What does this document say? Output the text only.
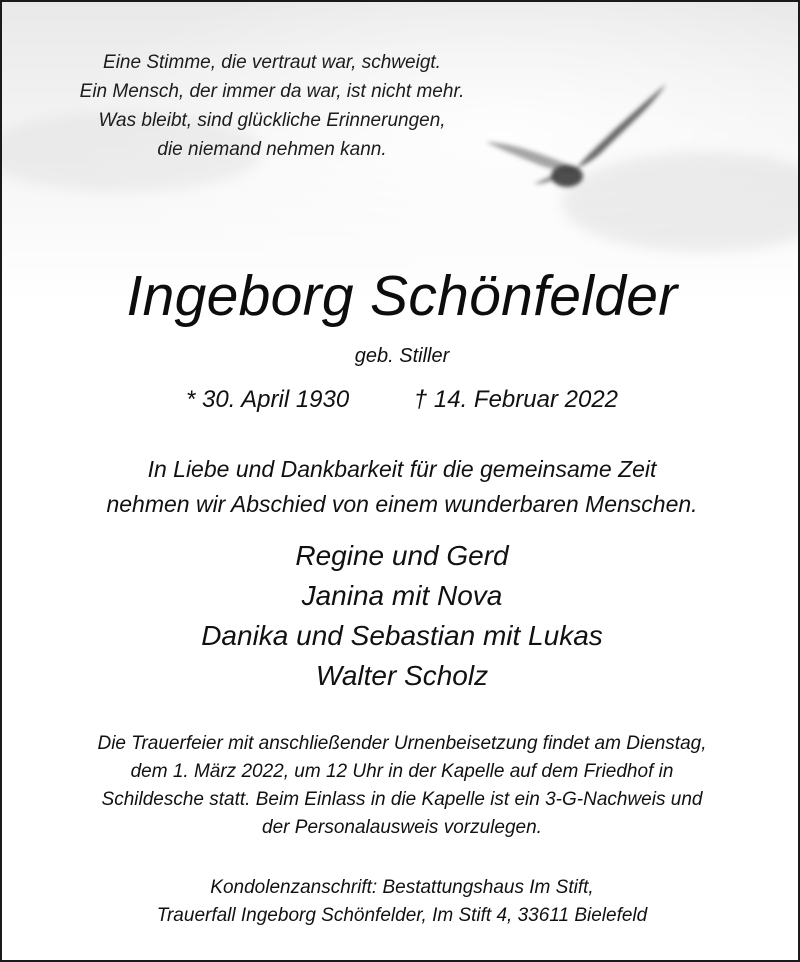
Eine Stimme, die vertraut war, schweigt.
Ein Mensch, der immer da war, ist nicht mehr.
Was bleibt, sind glückliche Erinnerungen,
die niemand nehmen kann.
Ingeborg Schönfelder
geb. Stiller
* 30. April 1930	† 14. Februar 2022
In Liebe und Dankbarkeit für die gemeinsame Zeit
nehmen wir Abschied von einem wunderbaren Menschen.
Regine und Gerd
Janina mit Nova
Danika und Sebastian mit Lukas
Walter Scholz
Die Trauerfeier mit anschließender Urnenbeisetzung findet am Dienstag,
dem 1. März 2022, um 12 Uhr in der Kapelle auf dem Friedhof in
Schildesche statt. Beim Einlass in die Kapelle ist ein 3-G-Nachweis und
der Personalausweis vorzulegen.
Kondolenzanschrift: Bestattungshaus Im Stift,
Trauerfall Ingeborg Schönfelder, Im Stift 4, 33611 Bielefeld
